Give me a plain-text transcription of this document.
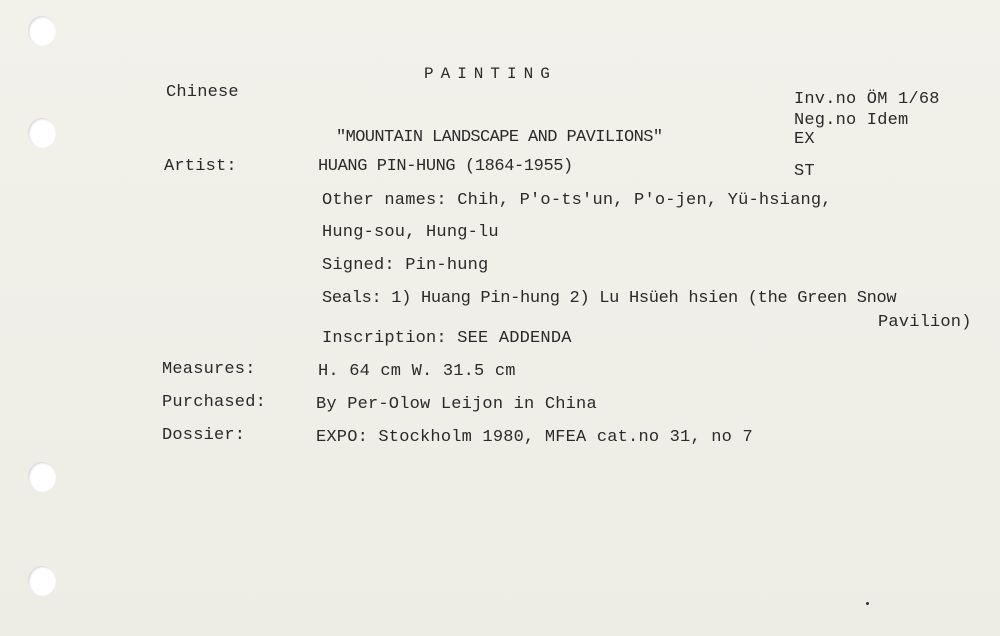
PAINTING
Chinese	Inv.no ÖM 1/68
Neg.no Idem
EX
ST
"MOUNTAIN LANDSCAPE AND PAVILIONS"
Artist:	HUANG PIN-HUNG (1864-1955)
Other names: Chih, P'o-ts'un, P'o-jen, Yü-hsiang,
Hung-sou, Hung-lu
Signed: Pin-hung
Seals: 1) Huang Pin-hung 2) Lu Hsüeh hsien (the Green Snow
Pavilion)
Inscription: SEE ADDENDA
Measures:	H. 64 cm W. 31.5 cm
Purchased:	By Per-Olow Leijon in China
Dossier:	EXPO: Stockholm 1980, MFEA cat.no 31, no 7
